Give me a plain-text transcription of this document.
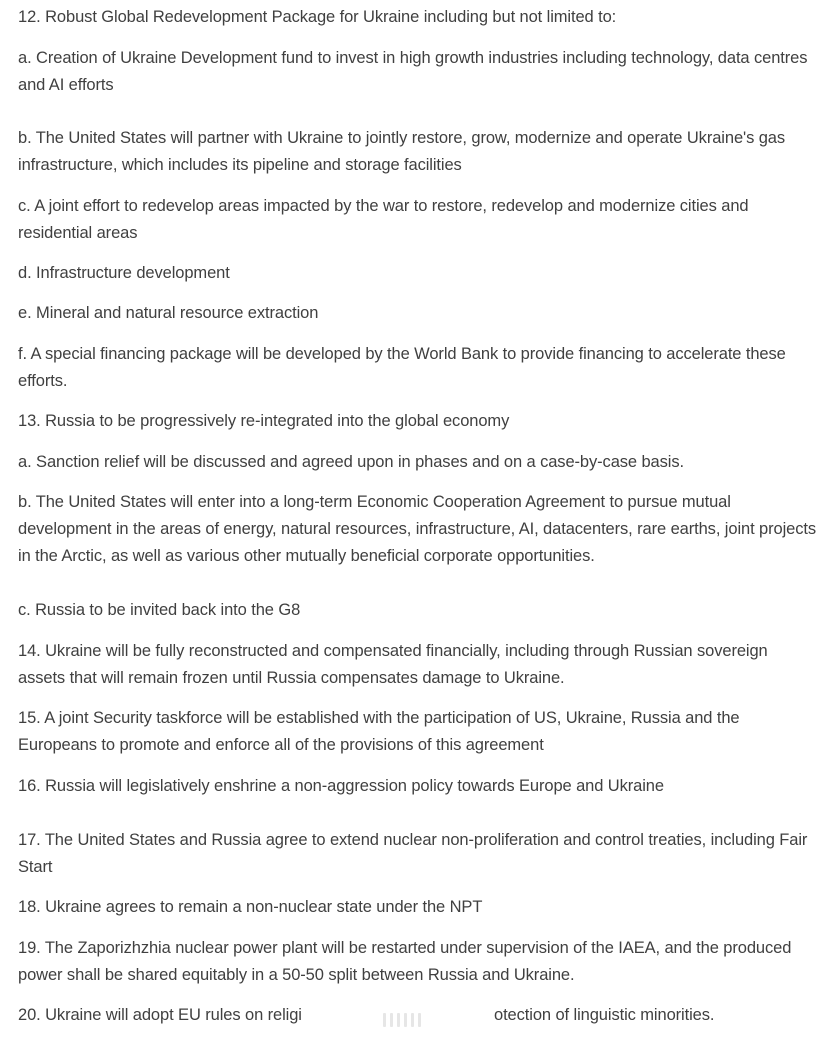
12. Robust Global Redevelopment Package for Ukraine including but not limited to:

a. Creation of Ukraine Development fund to invest in high growth industries including technology, data centres and AI efforts

b. The United States will partner with Ukraine to jointly restore, grow, modernize and operate Ukraine's gas infrastructure, which includes its pipeline and storage facilities

c. A joint effort to redevelop areas impacted by the war to restore, redevelop and modernize cities and residential areas

d. Infrastructure development

e. Mineral and natural resource extraction

f. A special financing package will be developed by the World Bank to provide financing to accelerate these efforts.

13. Russia to be progressively re-integrated into the global economy

a. Sanction relief will be discussed and agreed upon in phases and on a case-by-case basis.

b. The United States will enter into a long-term Economic Cooperation Agreement to pursue mutual development in the areas of energy, natural resources, infrastructure, AI, datacenters, rare earths, joint projects in the Arctic, as well as various other mutually beneficial corporate opportunities.

c. Russia to be invited back into the G8

14. Ukraine will be fully reconstructed and compensated financially, including through Russian sovereign assets that will remain frozen until Russia compensates damage to Ukraine.

15. A joint Security taskforce will be established with the participation of US, Ukraine, Russia and the Europeans to promote and enforce all of the provisions of this agreement

16. Russia will legislatively enshrine a non-aggression policy towards Europe and Ukraine

17. The United States and Russia agree to extend nuclear non-proliferation and control treaties, including Fair Start

18. Ukraine agrees to remain a non-nuclear state under the NPT

19. The Zaporizhzhia nuclear power plant will be restarted under supervision of the IAEA, and the produced power shall be shared equitably in a 50-50 split between Russia and Ukraine.

20. Ukraine will adopt EU rules on religi	otection of linguistic minorities.
